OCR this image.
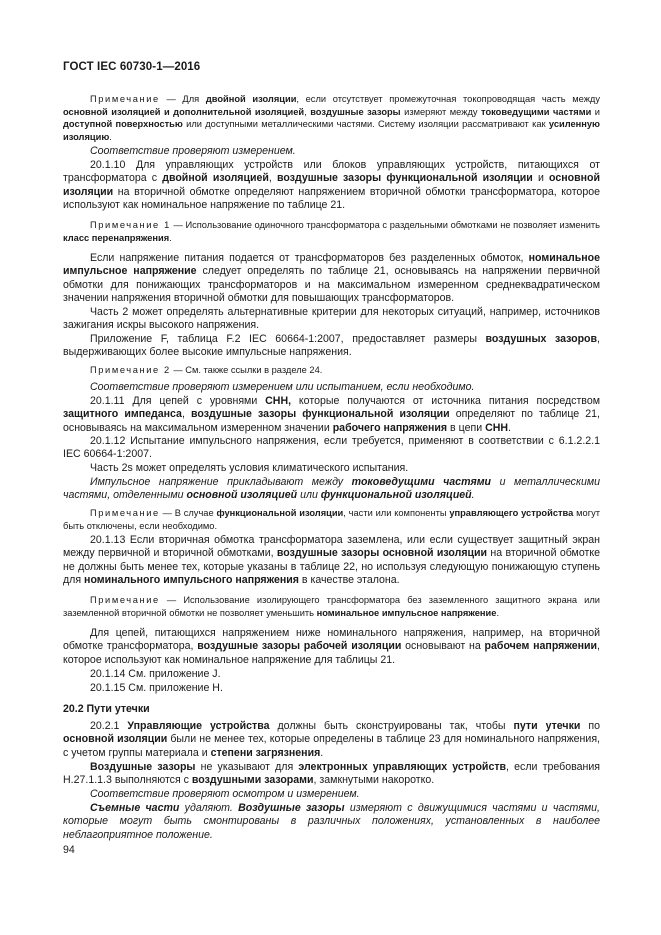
ГОСТ IEC 60730-1—2016

Примечание — Для двойной изоляции, если отсутствует промежуточная токопроводящая часть между основной изоляцией и дополнительной изоляцией, воздушные зазоры измеряют между токоведущими частями и доступной поверхностью или доступными металлическими частями. Систему изоляции рассматривают как усиленную изоляцию.

Соответствие проверяют измерением.

20.1.10 Для управляющих устройств или блоков управляющих устройств, питающихся от трансформатора с двойной изоляцией, воздушные зазоры функциональной изоляции и основной изоляции на вторичной обмотке определяют напряжением вторичной обмотки трансформатора, которое используют как номинальное напряжение по таблице 21.

Примечание 1 — Использование одиночного трансформатора с раздельными обмотками не позволяет изменить класс перенапряжения.

Если напряжение питания подается от трансформаторов без разделенных обмоток, номинальное импульсное напряжение следует определять по таблице 21, основываясь на напряжении первичной обмотки для понижающих трансформаторов и на максимальном измеренном среднеквадратическом значении напряжения вторичной обмотки для повышающих трансформаторов.

Часть 2 может определять альтернативные критерии для некоторых ситуаций, например, источников зажигания искры высокого напряжения.

Приложение F, таблица F.2 IEC 60664-1:2007, предоставляет размеры воздушных зазоров, выдерживающих более высокие импульсные напряжения.

Примечание 2 — См. также ссылки в разделе 24.

Соответствие проверяют измерением или испытанием, если необходимо.

20.1.11 Для цепей с уровнями СНН, которые получаются от источника питания посредством защитного импеданса, воздушные зазоры функциональной изоляции определяют по таблице 21, основываясь на максимальном измеренном значении рабочего напряжения в цепи СНН.

20.1.12 Испытание импульсного напряжения, если требуется, применяют в соответствии с 6.1.2.2.1 IEC 60664-1:2007.

Часть 2s может определять условия климатического испытания.

Импульсное напряжение прикладывают между токоведущими частями и металлическими частями, отделенными основной изоляцией или функциональной изоляцией.

Примечание — В случае функциональной изоляции, части или компоненты управляющего устройства могут быть отключены, если необходимо.

20.1.13 Если вторичная обмотка трансформатора заземлена, или если существует защитный экран между первичной и вторичной обмотками, воздушные зазоры основной изоляции на вторичной обмотке не должны быть менее тех, которые указаны в таблице 22, но используя следующую понижающую ступень для номинального импульсного напряжения в качестве эталона.

Примечание — Использование изолирующего трансформатора без заземленного защитного экрана или заземленной вторичной обмотки не позволяет уменьшить номинальное импульсное напряжение.

Для цепей, питающихся напряжением ниже номинального напряжения, например, на вторичной обмотке трансформатора, воздушные зазоры рабочей изоляции основывают на рабочем напряжении, которое используют как номинальное напряжение для таблицы 21.

20.1.14 См. приложение J.

20.1.15 См. приложение H.

20.2 Пути утечки

20.2.1 Управляющие устройства должны быть сконструированы так, чтобы пути утечки по основной изоляции были не менее тех, которые определены в таблице 23 для номинального напряжения, с учетом группы материала и степени загрязнения.

Воздушные зазоры не указывают для электронных управляющих устройств, если требования H.27.1.1.3 выполняются с воздушными зазорами, замкнутыми накоротко.

Соответствие проверяют осмотром и измерением.

Съемные части удаляют. Воздушные зазоры измеряют с движущимися частями и частями, которые могут быть смонтированы в различных положениях, установленных в наиболее неблагоприятное положение.

94
